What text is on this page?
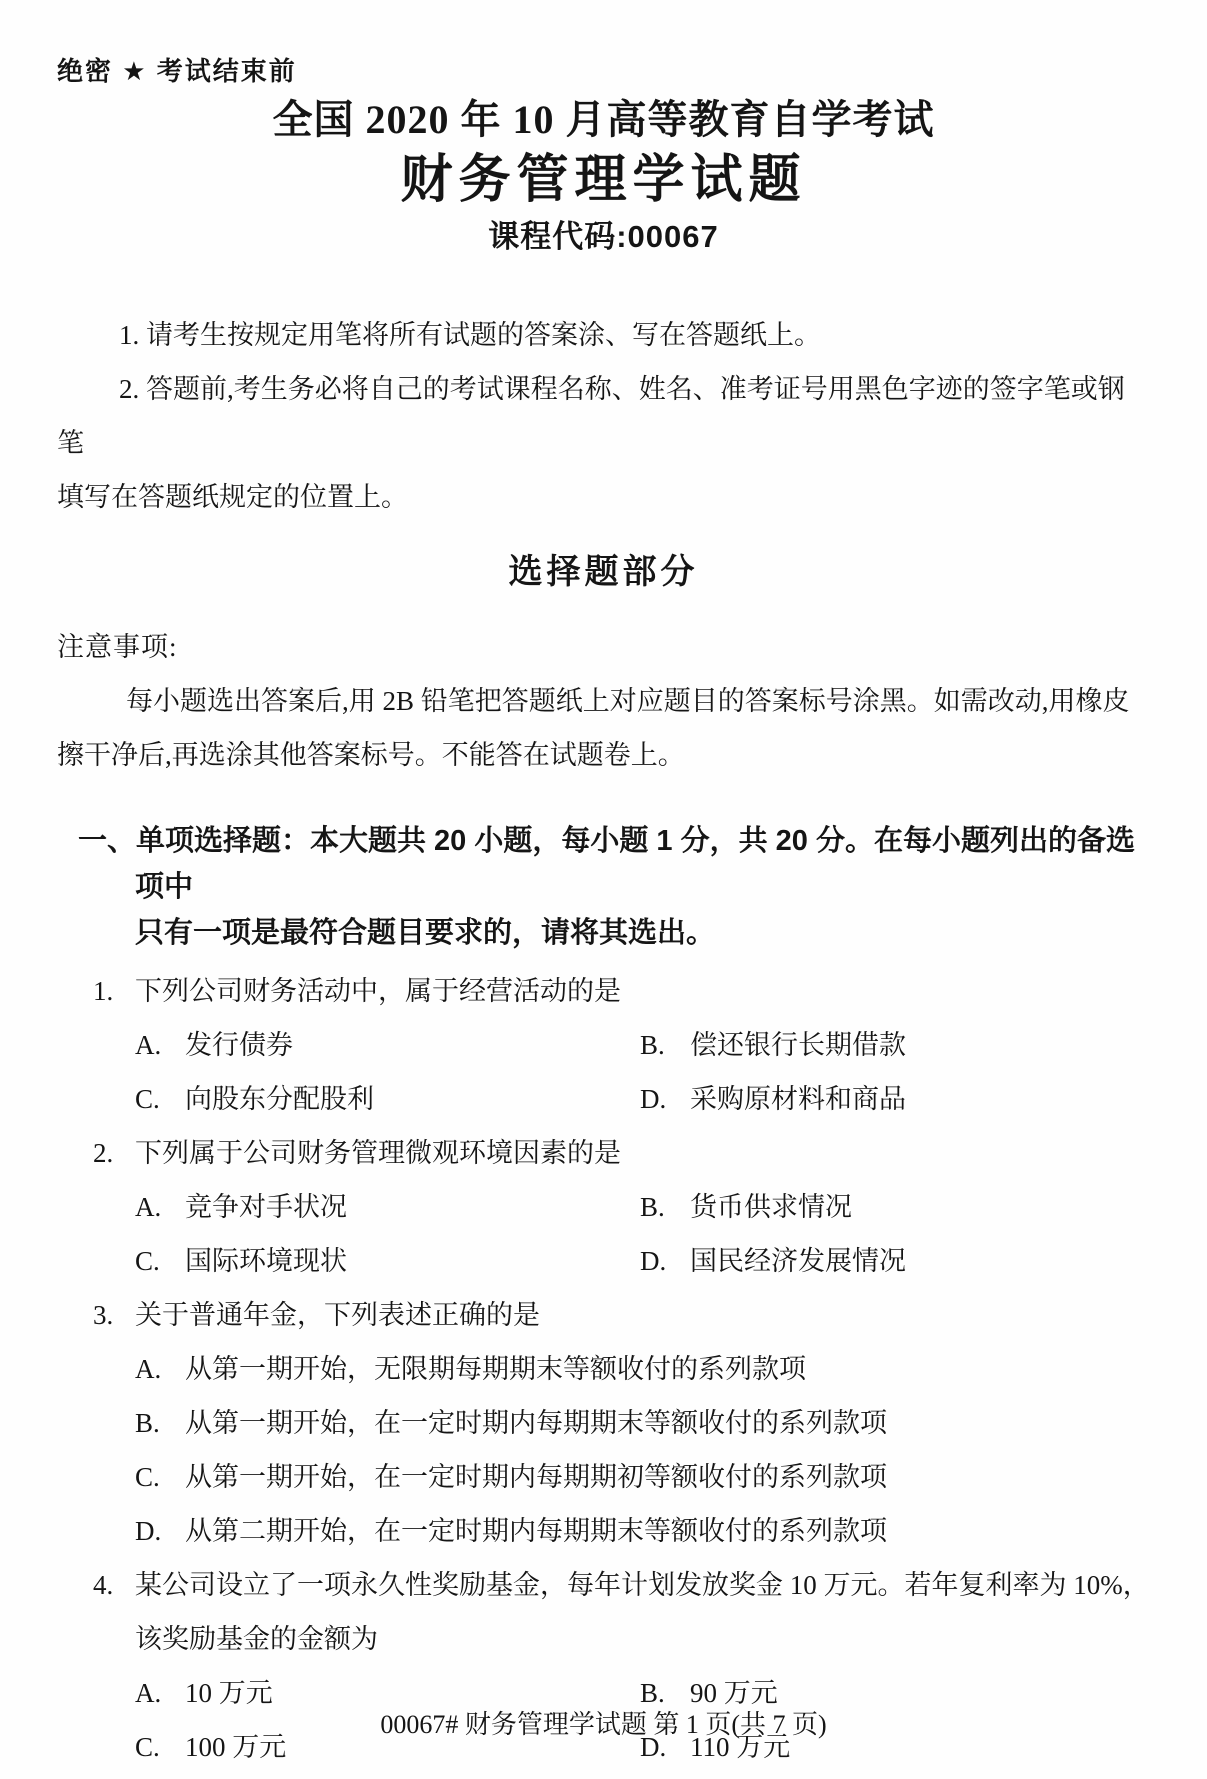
绝密 ★ 考试结束前
全国 2020 年 10 月高等教育自学考试
财务管理学试题
课程代码:00067

1. 请考生按规定用笔将所有试题的答案涂、写在答题纸上。

2. 答题前,考生务必将自己的考试课程名称、姓名、准考证号用黑色字迹的签字笔或钢笔
填写在答题纸规定的位置上。

选择题部分

注意事项:

每小题选出答案后,用 2B 铅笔把答题纸上对应题目的答案标号涂黑。如需改动,用橡皮
擦干净后,再选涂其他答案标号。不能答在试题卷上。

一、单项选择题：本大题共 20 小题，每小题 1 分，共 20 分。在每小题列出的备选项中
只有一项是最符合题目要求的，请将其选出。

1. 下列公司财务活动中，属于经营活动的是
A. 发行债券	B. 偿还银行长期借款
C. 向股东分配股利	D. 采购原材料和商品
2. 下列属于公司财务管理微观环境因素的是
A. 竞争对手状况	B. 货币供求情况
C. 国际环境现状	D. 国民经济发展情况
3. 关于普通年金，下列表述正确的是
A. 从第一期开始，无限期每期期末等额收付的系列款项
B. 从第一期开始，在一定时期内每期期末等额收付的系列款项
C. 从第一期开始，在一定时期内每期期初等额收付的系列款项
D. 从第二期开始，在一定时期内每期期末等额收付的系列款项
4. 某公司设立了一项永久性奖励基金，每年计划发放奖金 10 万元。若年复利率为 10%，
该奖励基金的金额为
A. 10 万元	B. 90 万元
C. 100 万元	D. 110 万元
00067# 财务管理学试题 第 1 页(共 7 页)
